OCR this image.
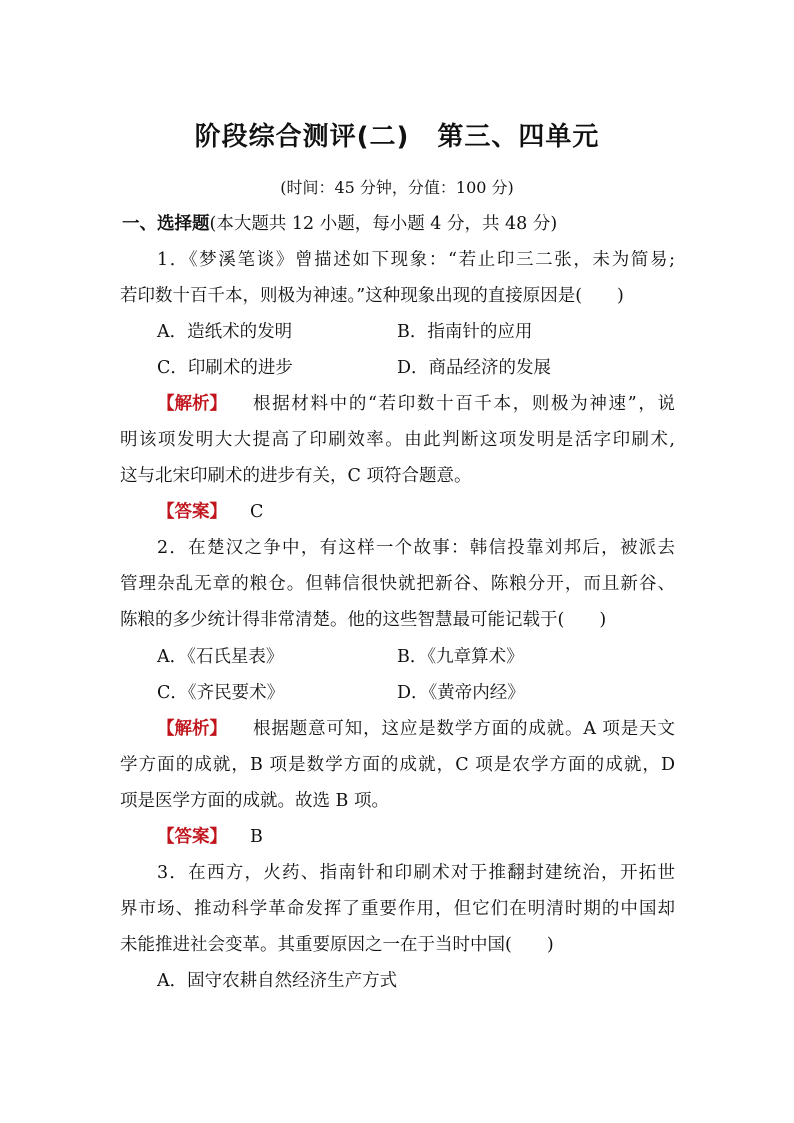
阶段综合测评(二) 第三、四单元
(时间：45 分钟，分值：100 分)
一、选择题(本大题共 12 小题，每小题 4 分，共 48 分)
1．《梦溪笔谈》曾描述如下现象：“若止印三二张，未为简易;
若印数十百千本，则极为神速。”这种现象出现的直接原因是(　　)
A．造纸术的发明	B．指南针的应用
C．印刷术的进步	D．商品经济的发展
【解析】 根据材料中的“若印数十百千本，则极为神速”，说
明该项发明大大提高了印刷效率。由此判断这项发明是活字印刷术,
这与北宋印刷术的进步有关，C 项符合题意。
【答案】 C
2．在楚汉之争中，有这样一个故事：韩信投靠刘邦后，被派去
管理杂乱无章的粮仓。但韩信很快就把新谷、陈粮分开，而且新谷、
陈粮的多少统计得非常清楚。他的这些智慧最可能记载于(　　)
A．《石氏星表》	B．《九章算术》
C．《齐民要术》	D．《黄帝内经》
【解析】 根据题意可知，这应是数学方面的成就。A 项是天文
学方面的成就，B 项是数学方面的成就，C 项是农学方面的成就，D
项是医学方面的成就。故选 B 项。
【答案】 B
3．在西方，火药、指南针和印刷术对于推翻封建统治，开拓世
界市场、推动科学革命发挥了重要作用，但它们在明清时期的中国却
未能推进社会变革。其重要原因之一在于当时中国(　　)
A．固守农耕自然经济生产方式
